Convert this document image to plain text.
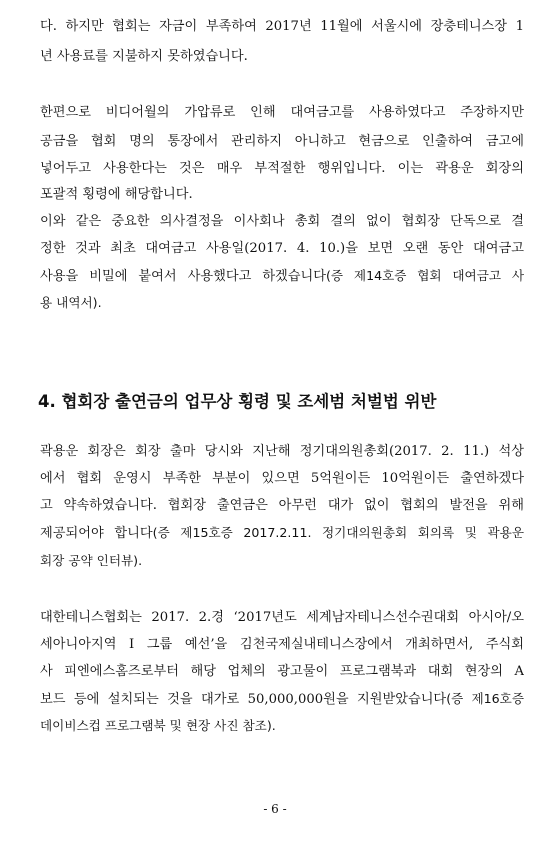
다. 하지만 협회는 자금이 부족하여 2017년 11월에 서울시에 장충테니스장 1
년 사용료를 지불하지 못하였습니다.
한편으로 비디어월의 가압류로 인해 대여금고를 사용하였다고 주장하지만
공금을 협회 명의 통장에서 관리하지 아니하고 현금으로 인출하여 금고에
넣어두고 사용한다는 것은 매우 부적절한 행위입니다. 이는 곽용운 회장의
포괄적 횡령에 해당합니다.
이와 같은 중요한 의사결정을 이사회나 총회 결의 없이 협회장 단독으로 결
정한 것과 최초 대여금고 사용일(2017. 4. 10.)을 보면 오랜 동안 대여금고
사용을 비밀에 붙여서 사용했다고 하겠습니다(증 제14호증 협회 대여금고 사
용 내역서).
4. 협회장 출연금의 업무상 횡령 및 조세범 처벌법 위반
곽용운 회장은 회장 출마 당시와 지난해 정기대의원총회(2017. 2. 11.) 석상
에서 협회 운영시 부족한 부분이 있으면 5억원이든 10억원이든 출연하겠다
고 약속하였습니다. 협회장 출연금은 아무런 대가 없이 협회의 발전을 위해
제공되어야 합니다(증 제15호증 2017.2.11. 정기대의원총회 회의록 및 곽용운
회장 공약 인터뷰).
대한테니스협회는 2017. 2.경 ‘2017년도 세계남자테니스선수권대회 아시아/오
세아니아지역 I 그룹 예선’을 김천국제실내테니스장에서 개최하면서, 주식회
사 피엔에스홈즈로부터 해당 업체의 광고물이 프로그램북과 대회 현장의 A
보드 등에 설치되는 것을 대가로 50,000,000원을 지원받았습니다(증 제16호증
데이비스컵 프로그램북 및 현장 사진 참조).
- 6 -
